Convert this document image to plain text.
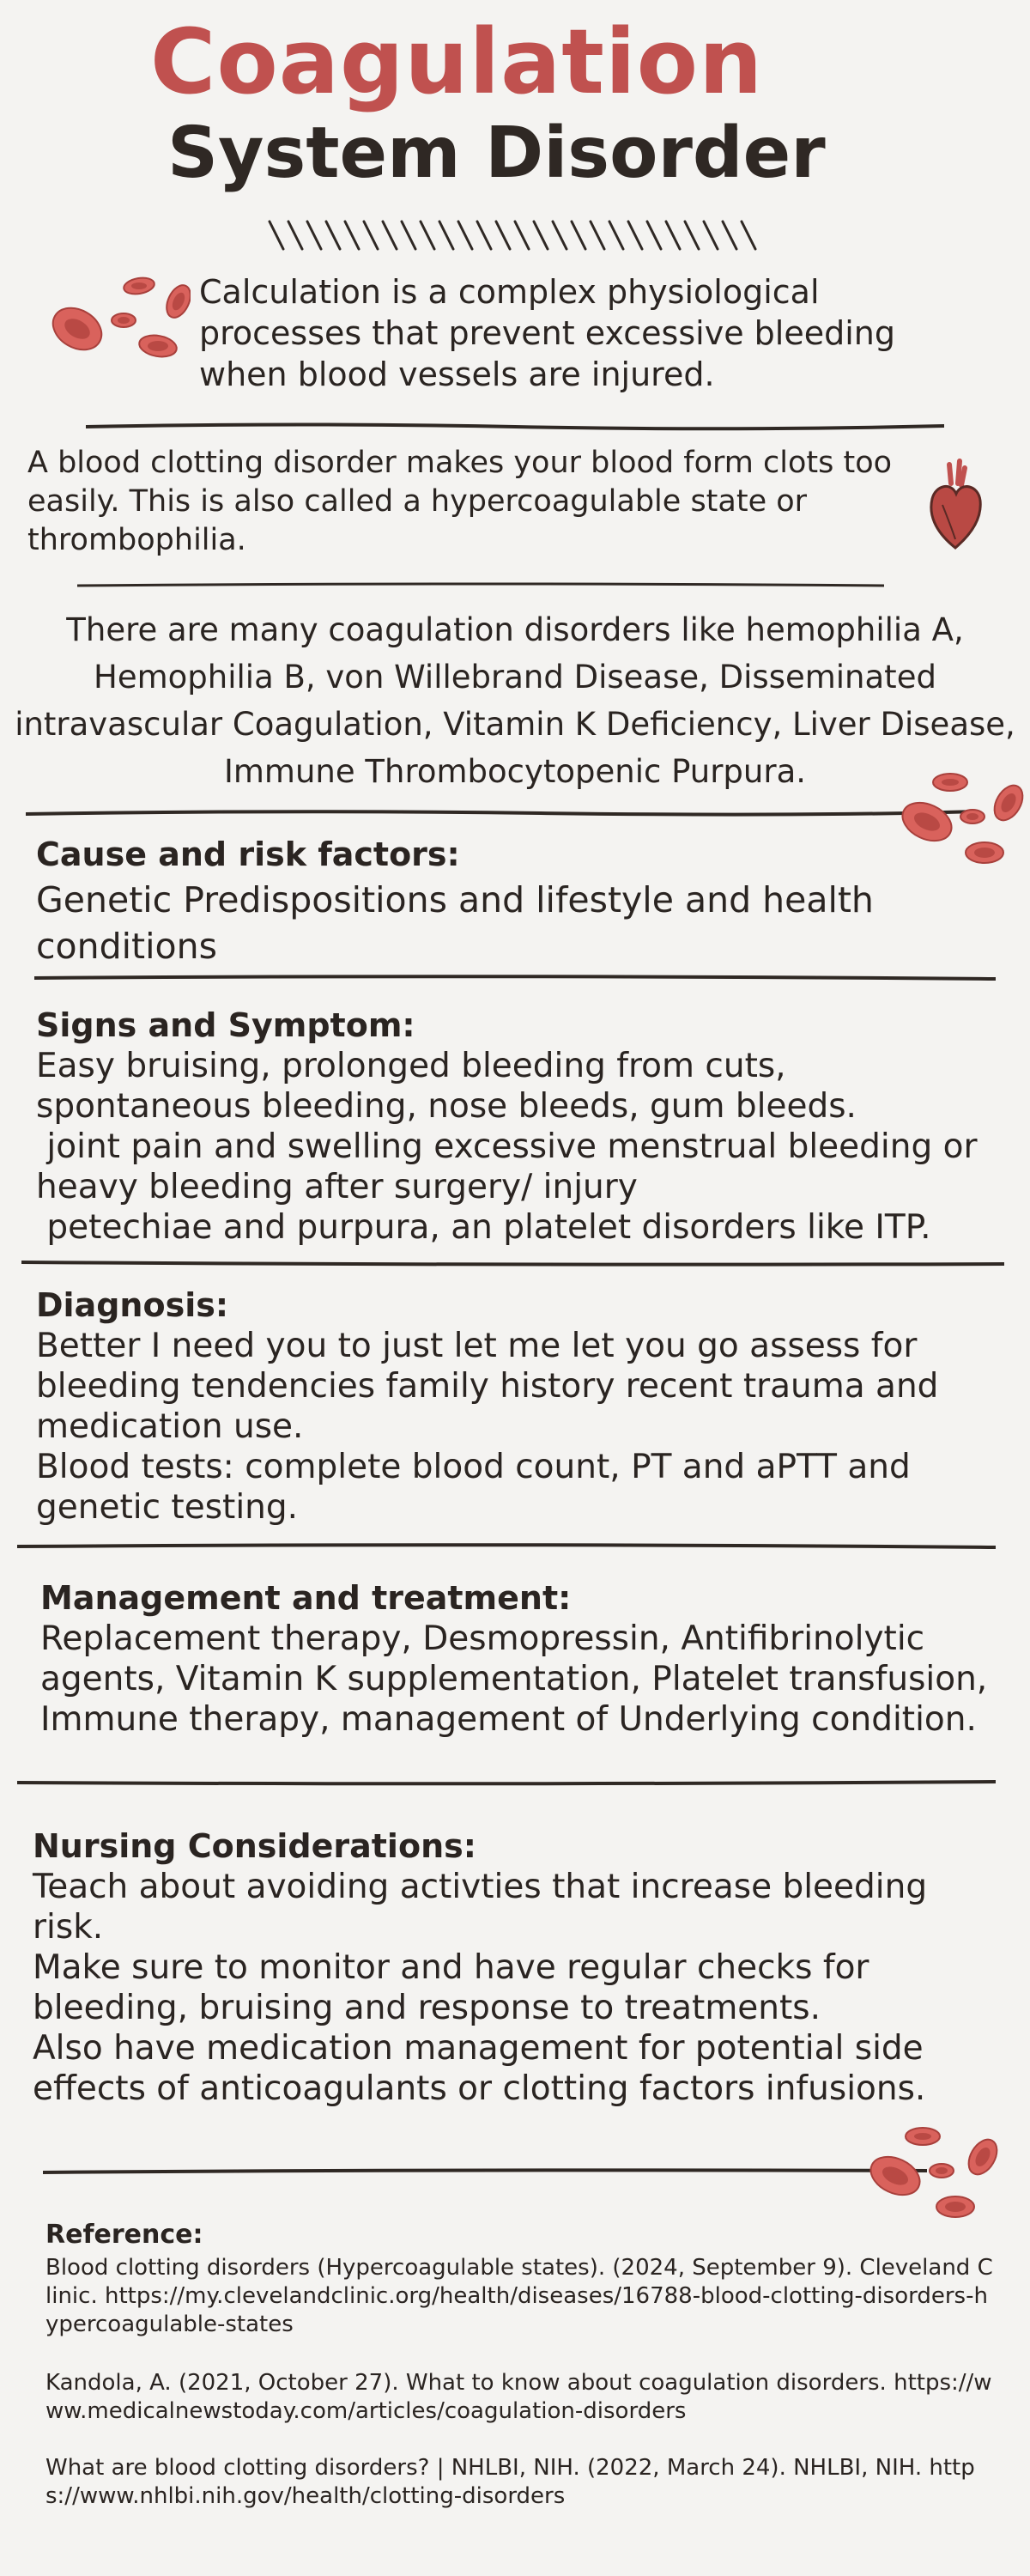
Coagulation
System Disorder
Calculation is a complex physiological processes that prevent excessive bleeding when blood vessels are injured.
A blood clotting disorder makes your blood form clots too easily. This is also called a hypercoagulable state or thrombophilia.
There are many coagulation disorders like hemophilia A, Hemophilia B, von Willebrand Disease, Disseminated intravascular Coagulation, Vitamin K Deficiency, Liver Disease, Immune Thrombocytopenic Purpura.
Cause and risk factors:
Genetic Predispositions and lifestyle and health conditions
Signs and Symptom:
Easy bruising, prolonged bleeding from cuts, spontaneous bleeding, nose bleeds, gum bleeds.
joint pain and swelling excessive menstrual bleeding or heavy bleeding after surgery/ injury
petechiae and purpura, an platelet disorders like ITP.
Diagnosis:
Better I need you to just let me let you go assess for bleeding tendencies family history recent trauma and medication use.
Blood tests: complete blood count, PT and aPTT and genetic testing.
Management and treatment:
Replacement therapy, Desmopressin, Antifibrinolytic agents, Vitamin K supplementation, Platelet transfusion, Immune therapy, management of Underlying condition.
Nursing Considerations:
Teach about avoiding activties that increase bleeding risk.
Make sure to monitor and have regular checks for bleeding, bruising and response to treatments.
Also have medication management for potential side effects of anticoagulants or clotting factors infusions.
Reference:
Blood clotting disorders (Hypercoagulable states). (2024, September 9). Cleveland Clinic. https://my.clevelandclinic.org/health/diseases/16788-blood-clotting-disorders-hypercoagulable-states
Kandola, A. (2021, October 27). What to know about coagulation disorders. https://www.medicalnewstoday.com/articles/coagulation-disorders
What are blood clotting disorders? | NHLBI, NIH. (2022, March 24). NHLBI, NIH. https://www.nhlbi.nih.gov/health/clotting-disorders
